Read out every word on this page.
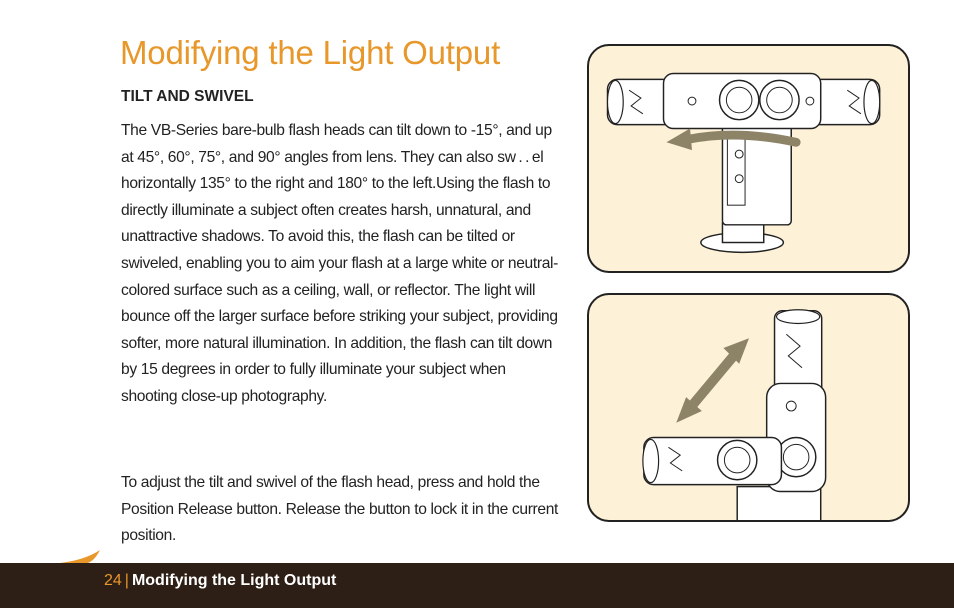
Modifying the Light Output
TILT AND SWIVEL

The VB-Series bare-bulb flash heads can tilt down to -15°, and up at 45°, 60°, 75°, and 90° angles from lens. They can also sw . . el horizontally 135° to the right and 180° to the left.Using the flash to directly illuminate a subject often creates harsh, unnatural, and unattractive shadows. To avoid this, the flash can be tilted or swiveled, enabling you to aim your flash at a large white or neutral-colored surface such as a ceiling, wall, or reflector. The light will bounce off the larger surface before striking your subject, providing softer, more natural illumination. In addition, the flash can tilt down by 15 degrees in order to fully illuminate your subject when shooting close-up photography.

To adjust the tilt and swivel of the flash head, press and hold the Position Release button. Release the button to lock it in the current position.

24 | Modifying the Light Output
